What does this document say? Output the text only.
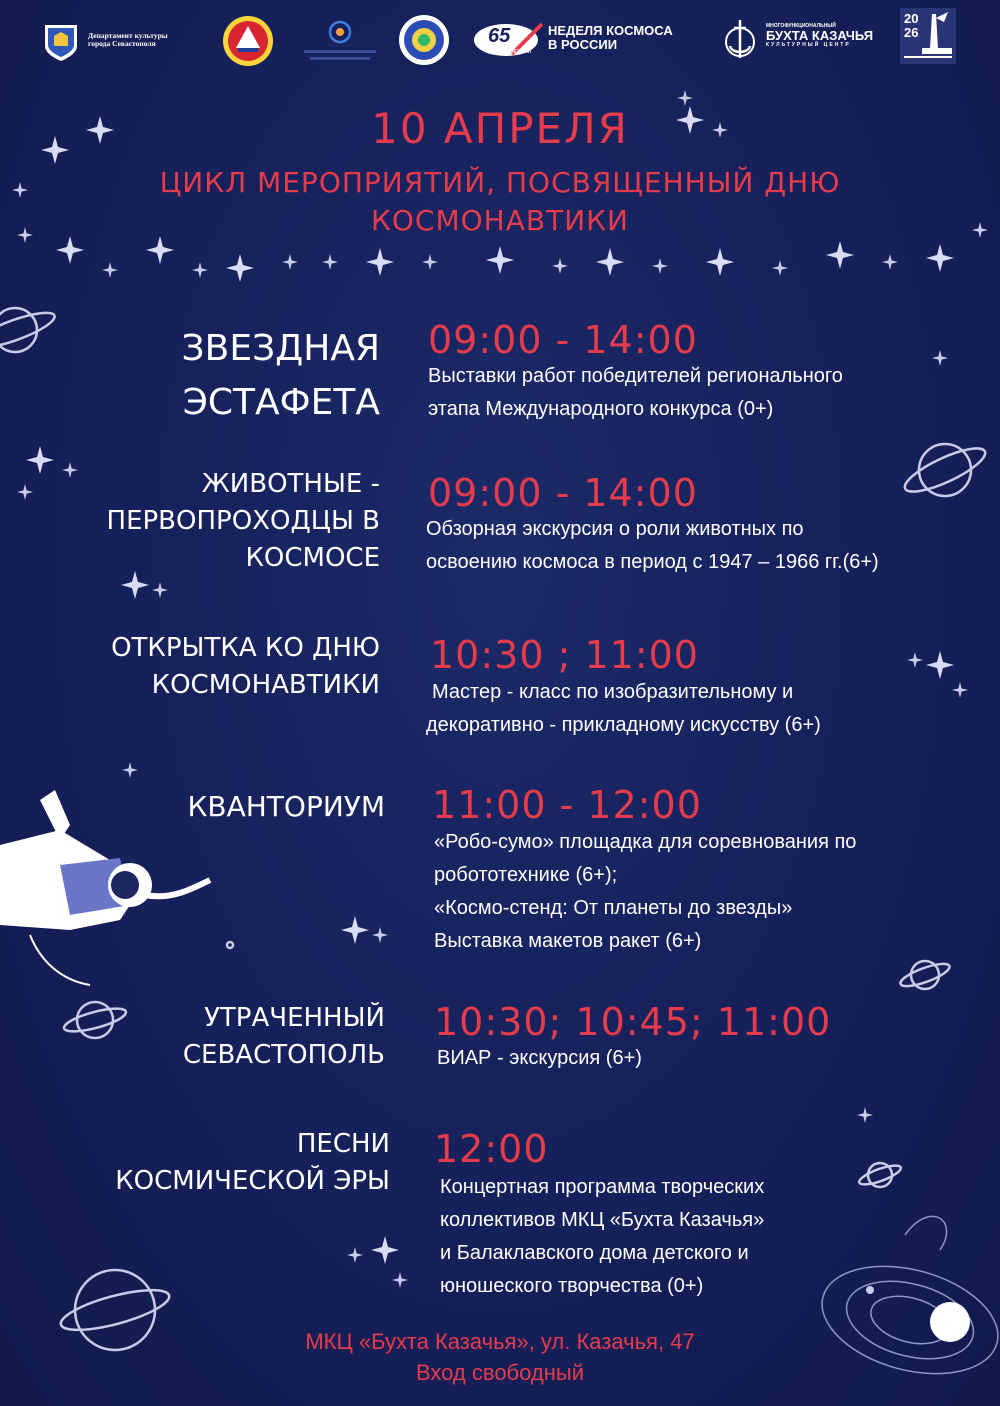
Департамент культуры
города Севастополя	65
ПОЕХАЛИ
НЕДЕЛЯ КОСМОСА
В РОССИИ
МНОГОФУНКЦИОНАЛЬНЫЙ
БУХТА КАЗАЧЬЯ
КУЛЬТУРНЫЙ ЦЕНТР
20
26
10 АПРЕЛЯ
ЦИКЛ МЕРОПРИЯТИЙ, ПОСВЯЩЕННЫЙ ДНЮ
КОСМОНАВТИКИ
ЗВЕЗДНАЯ
ЭСТАФЕТА
09:00 - 14:00
Выставки работ победителей регионального
этапа Международного конкурса (0+)
ЖИВОТНЫЕ -
ПЕРВОПРОХОДЦЫ В
КОСМОСЕ
09:00 - 14:00
Обзорная экскурсия о роли животных по
освоению космоса в период с 1947 – 1966 гг.(6+)
ОТКРЫТКА КО ДНЮ
КОСМОНАВТИКИ
10:30 ; 11:00
Мастер - класс по изобразительному и
декоративно - прикладному искусству (6+)
КВАНТОРИУМ 11:00 - 12:00
«Робо-сумо» площадка для соревнования по
робототехнике (6+);
«Космо-стенд: От планеты до звезды»
Выставка макетов ракет (6+)
УТРАЧЕННЫЙ
СЕВАСТОПОЛЬ
10:30; 10:45; 11:00
ВИАР - экскурсия (6+)
ПЕСНИ
КОСМИЧЕСКОЙ ЭРЫ
12:00
Концертная программа творческих
коллективов МКЦ «Бухта Казачья»
и Балаклавского дома детского и
юношеского творчества (0+)
МКЦ «Бухта Казачья», ул. Казачья, 47
Вход свободный
